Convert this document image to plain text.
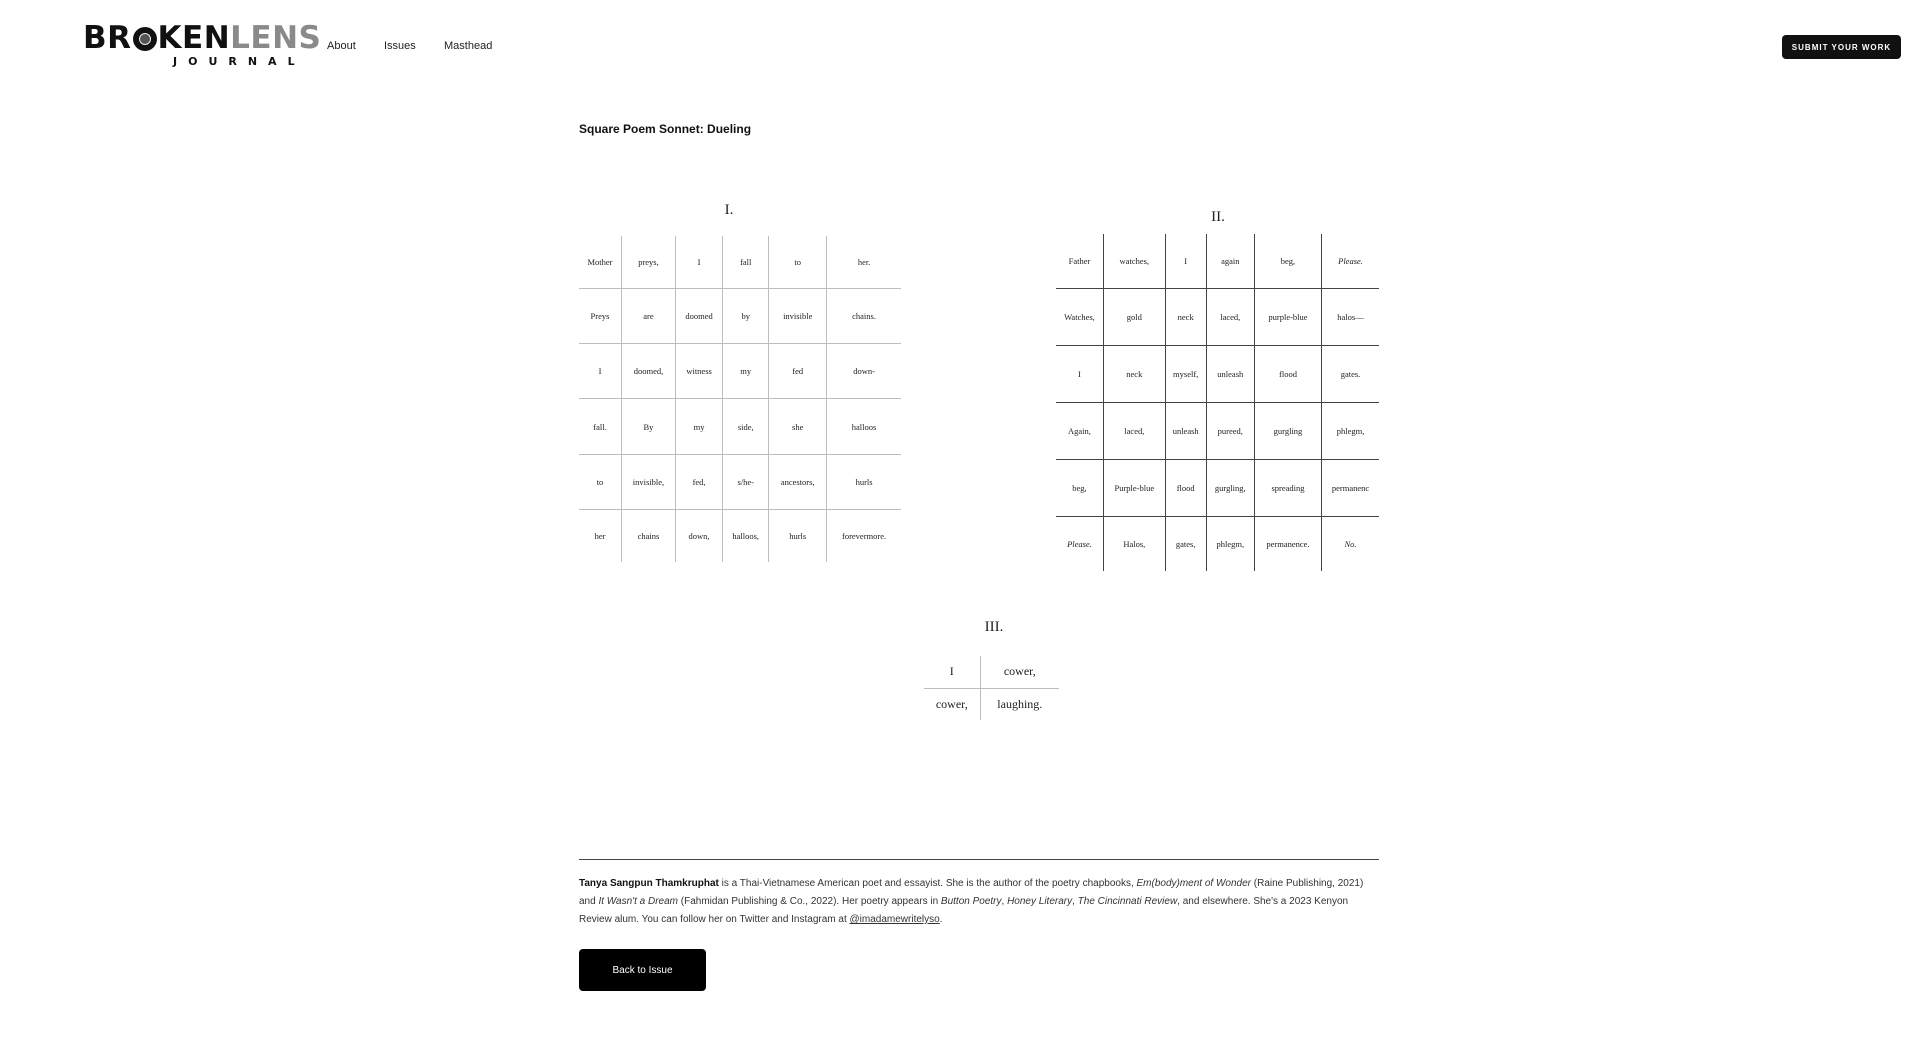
BR KENLENS
JOURNAL
About	Issues	Masthead	SUBMIT YOUR WORK
Square Poem Sonnet: Dueling
I.
Mother	preys,	I	fall	to	her.
Preys	are	doomed	by	invisible	chains.
I	doomed,	witness	my	fed	down-
fall.	By	my	side,	she	halloos
to	invisible,	fed,	s/he-	ancestors,	hurls
her	chains	down,	halloos,	hurls	forevermore.
II.
Father	watches,	I	again	beg,	Please.
Watches,	gold	neck	laced,	purple-blue	halos—
I	neck	myself,	unleash	flood	gates.
Again,	laced,	unleash	pureed,	gurgling	phlegm,
beg,	Purple-blue	flood	gurgling,	spreading	permanenc
Please.	Halos,	gates,	phlegm,	permanence.	No.
III.
I	cower,
cower,	laughing.
Tanya Sangpun Thamkruphat is a Thai-Vietnamese American poet and essayist. She is the author of the poetry chapbooks, Em(body)ment of Wonder (Raine Publishing, 2021) and It Wasn't a Dream (Fahmidan Publishing & Co., 2022). Her poetry appears in Button Poetry, Honey Literary, The Cincinnati Review, and elsewhere. She's a 2023 Kenyon Review alum. You can follow her on Twitter and Instagram at @imadamewritelyso.
Back to Issue
